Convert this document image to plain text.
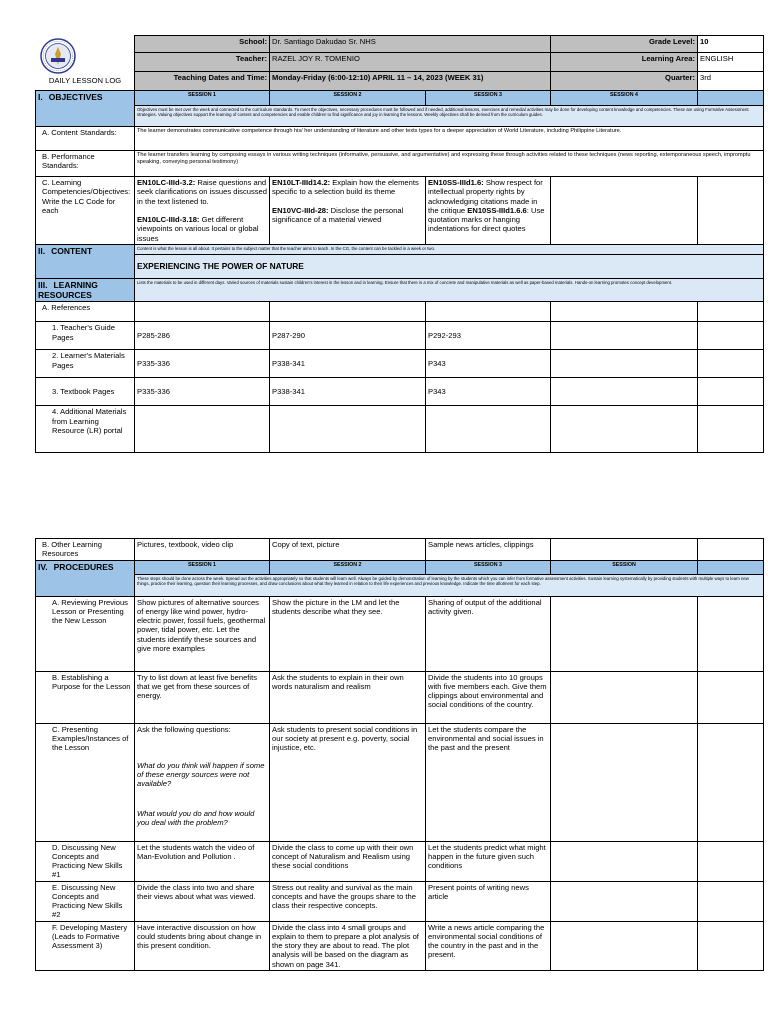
DAILY LESSON LOG
	School:	Dr. Santiago Dakudao Sr. NHS		Grade Level:	10
	Teacher:	RAZEL JOY R. TOMENIO		Learning Area:	ENGLISH
	Teaching Dates and Time:	Monday-Friday (6:00-12:10) APRIL 11 – 14, 2023 (WEEK 31)		Quarter:	3rd
I. OBJECTIVES	SESSION 1	SESSION 2	SESSION 3	SESSION 4	
	Objectives must be met over the week and connected to the curriculum standards. To meet the objectives, necessary procedures must be followed and if needed, additional lessons, exercises and remedial activities may be done for developing content knowledge and competencies. These are using Formative Assessment strategies. Valuing objectives support the learning of content and competencies and enable children to find significance and joy in learning the lessons. Weekly objectives shall be derived from the curriculum guides.				
A. Content Standards:	The learner demonstrates communicative competence through his/ her understanding of literature and other texts types for a deeper appreciation of World Literature, including Philippine Literature.				
B. Performance Standards:	The learner transfers learning by composing essays in various writing techniques (informative, persuasive, and argumentative) and expressing these through activities related to these techniques (news reporting, extemporaneous speech, impromptu speaking, conveying personal testimony)				
C. Learning Competencies/Objectives: Write the LC Code for each	EN10LC-IIId-3.2: Raise questions and seek clarifications on issues discussed in the text listened to.

EN10LC-IIId-3.18: Get different viewpoints on various local or global issues	EN10LT-IIId14.2: Explain how the elements specific to a selection build its theme

EN10VC-IIId-28: Disclose the personal significance of a material viewed	EN10SS-IIId1.6: Show respect for intellectual property rights by acknowledging citations made in the critique EN10SS-IIId1.6.6: Use quotation marks or hanging indentations for direct quotes		
II. CONTENT	Content is what the lesson is all about. It pertains to the subject matter that the teacher aims to teach. In the CG, the content can be tackled in a week or two.				
	EXPERIENCING THE POWER OF NATURE				
III. LEARNING RESOURCES	Lists the materials to be used in different days. Varied sources of materials sustain children's interest in the lesson and in learning. Ensure that there is a mix of concrete and manipulative materials as well as paper-based materials. Hands-on learning promotes concept development.				
A. References					
1. Teacher's Guide Pages	P285-286	P287-290	P292-293		
2. Learner's Materials Pages	P335-336	P338-341	P343		
3. Textbook Pages	P335-336	P338-341	P343		
4. Additional Materials from Learning Resource (LR) portal					
B. Other Learning Resources	Pictures, textbook, video clip	Copy of text, picture	Sample news articles, clippings		
IV. PROCEDURES	SESSION 1	SESSION 2	SESSION 3	SESSION	
	These steps should be done across the week. Spread out the activities appropriately so that students will learn well. Always be guided by demonstration of learning by the students which you can infer from formative assessment activities. Sustain learning systematically by providing students with multiple ways to learn new things, practice their learning, question their learning processes, and draw conclusions about what they learned in relation to their life experiences and previous knowledge. Indicate the time allotment for each step.				
A. Reviewing Previous Lesson or Presenting the New Lesson	Show pictures of alternative sources of energy like wind power, hydro-electric power, fossil fuels, geothermal power, tidal power, etc. Let the students identify these sources and give more examples	Show the picture in the LM and let the students describe what they see.	Sharing of output of the additional activity given.		
B. Establishing a Purpose for the Lesson	Try to list down at least five benefits that we get from these sources of energy.	Ask the students to explain in their own words naturalism and realism	Divide the students into 10 groups with five members each. Give them clippings about environmental and social conditions of the country.		
C. Presenting Examples/Instances of the Lesson	Ask the following questions:
What do you think will happen if some of these energy sources were not available?
What would you do and how would you deal with the problem?	Ask students to present social conditions in our society at present e.g. poverty, social injustice, etc.	Let the students compare the environmental and social issues in the past and the present		
D. Discussing New Concepts and Practicing New Skills #1	Let the students watch the video of Man-Evolution and Pollution .	Divide the class to come up with their own concept of Naturalism and Realism using these social conditions	Let the students predict what might happen in the future given such conditions		
E. Discussing New Concepts and Practicing New Skills #2	Divide the class into two and share their views about what was viewed.	Stress out reality and survival as the main concepts and have the groups share to the class their respective concepts.	Present points of writing news article		

F. Developing Mastery
(Leads to Formative Assessment 3)	Have interactive discussion on how could students bring about change in this present condition.	Divide the class into 4 small groups and explain to them to prepare a plot analysis of the story they are about to read. The plot analysis will be based on the diagram as shown on page 341.	Write a news article comparing the environmental social conditions of the country in the past and in the present.		
